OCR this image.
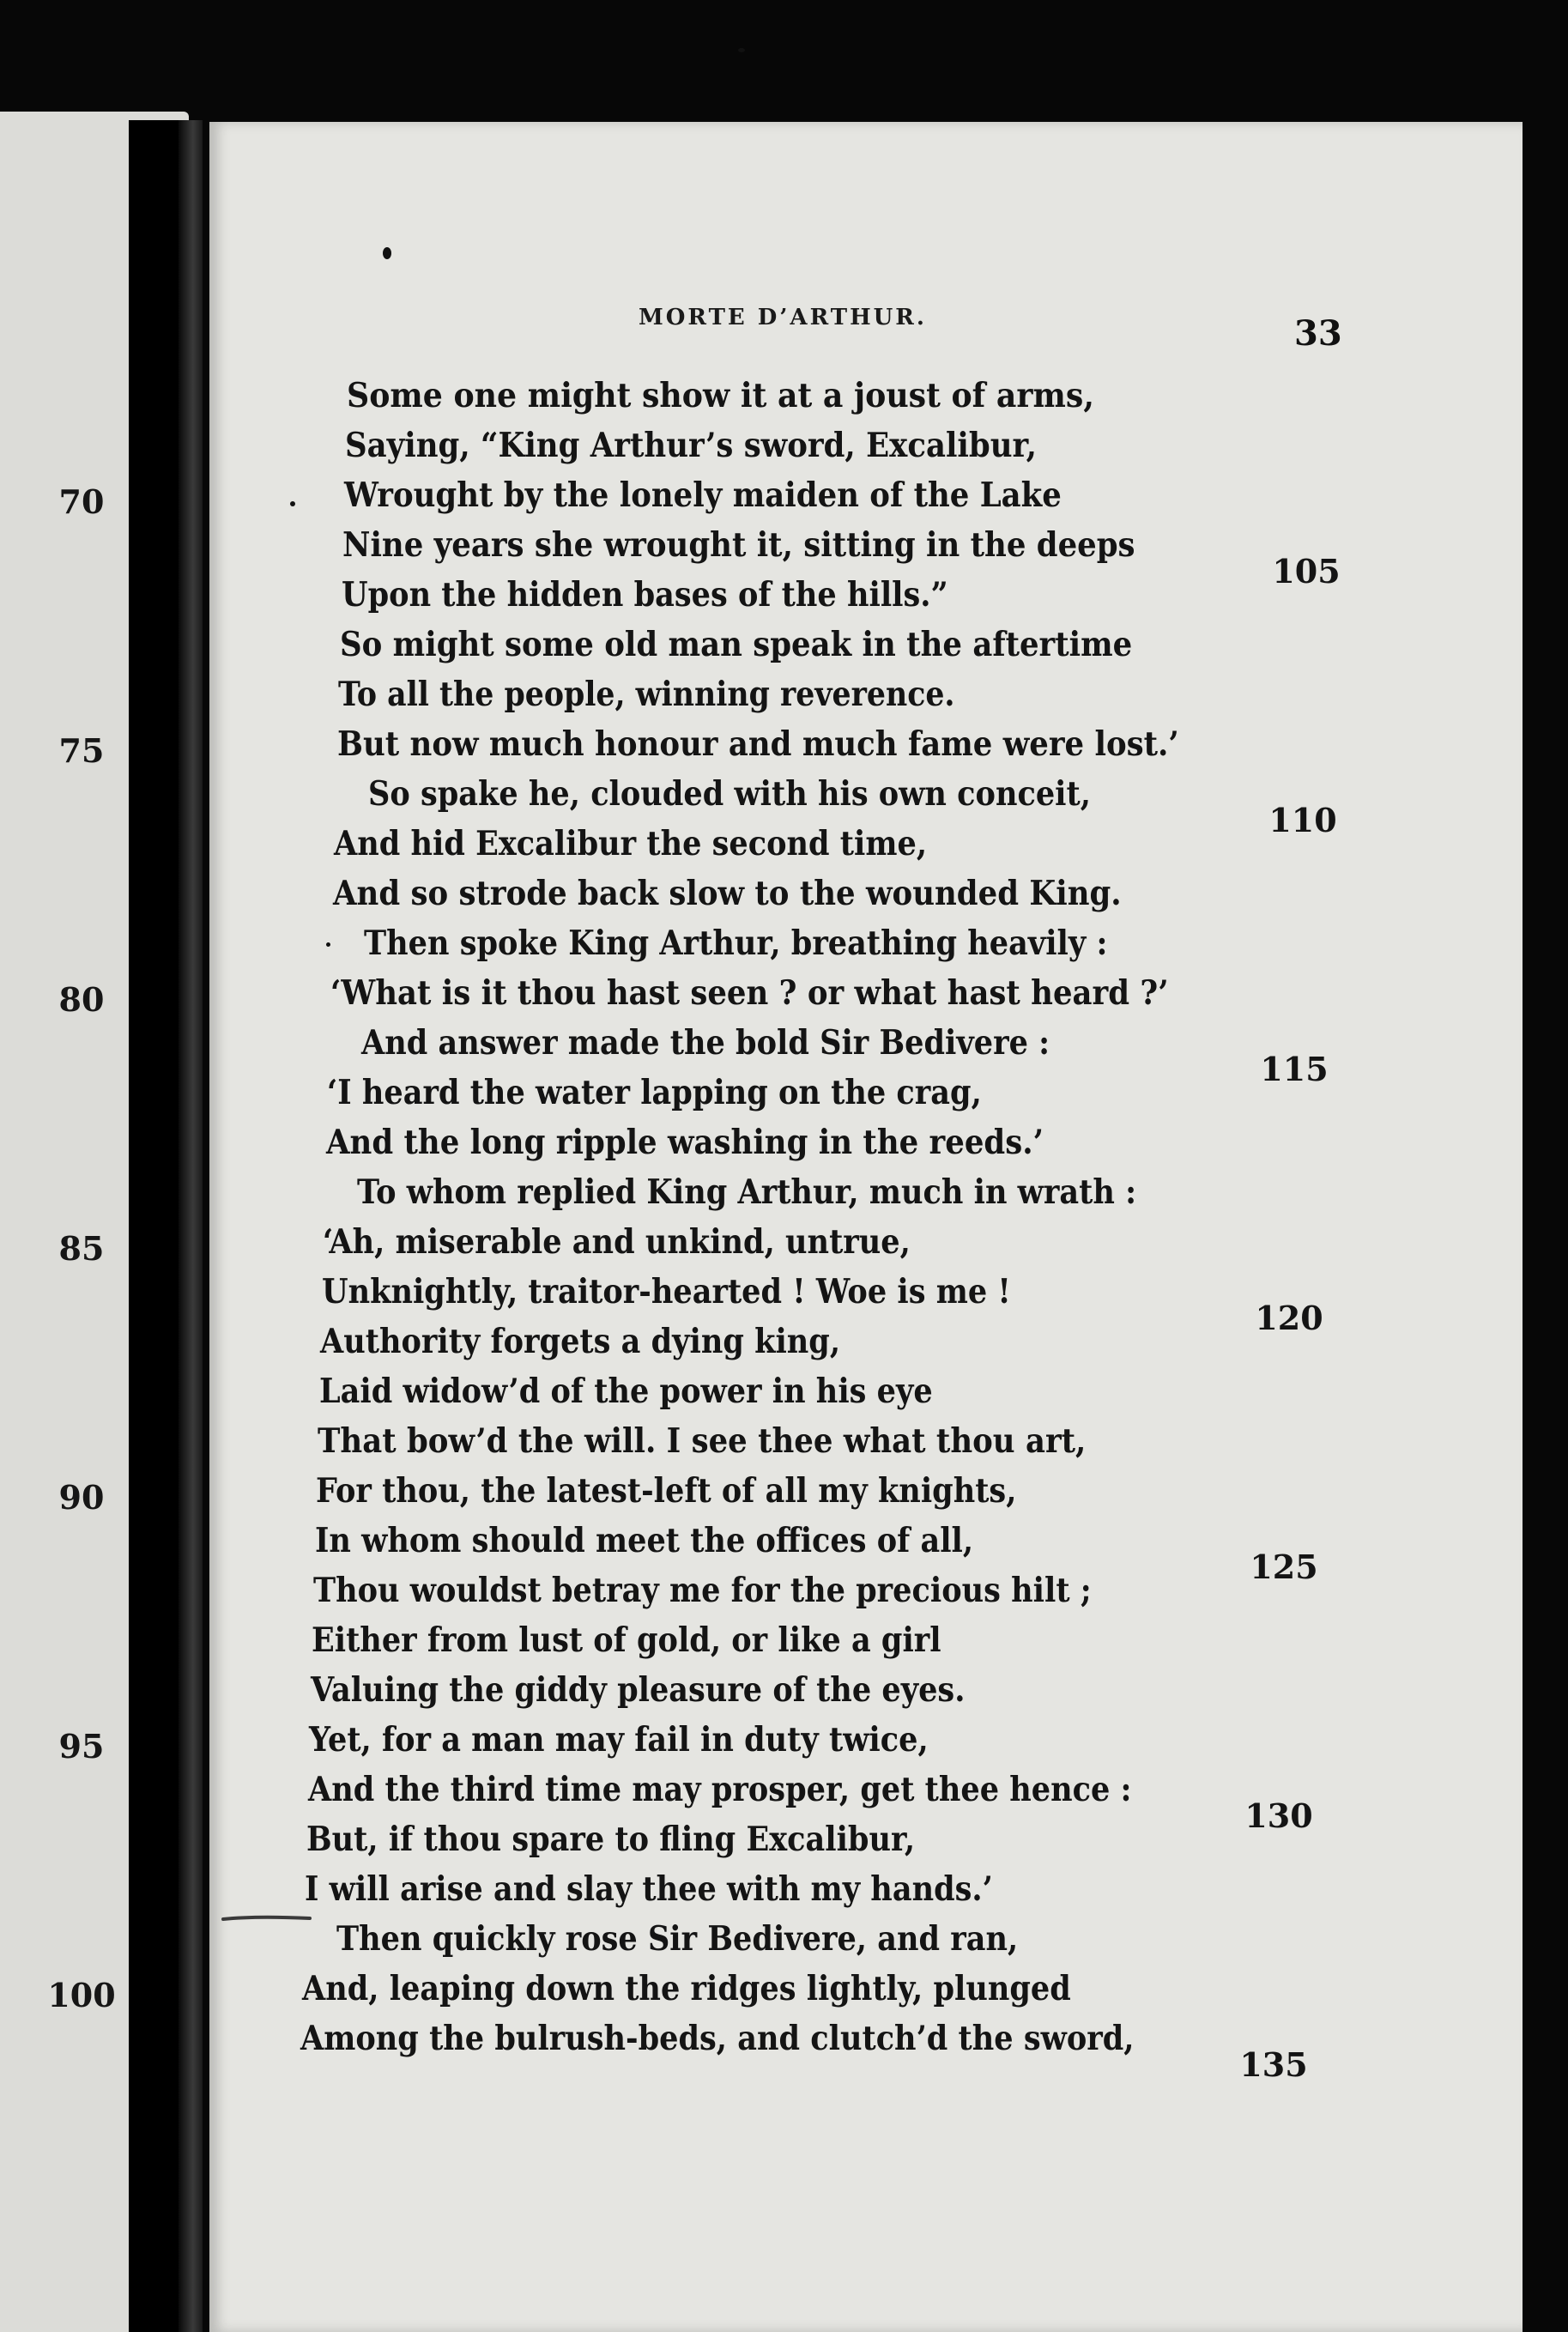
70
75
80
85
90
95
100
MORTE D’ARTHUR.	33
Some one might show it at a joust of arms,
Saying, “King Arthur’s sword, Excalibur,
Wrought by the lonely maiden of the Lake
Nine years she wrought it, sitting in the deeps
Upon the hidden bases of the hills.”
So might some old man speak in the aftertime
To all the people, winning reverence.
But now much honour and much fame were lost.’
So spake he, clouded with his own conceit,
And hid Excalibur the second time,
And so strode back slow to the wounded King.
Then spoke King Arthur, breathing heavily :
‘What is it thou hast seen ? or what hast heard ?’
And answer made the bold Sir Bedivere :
‘I heard the water lapping on the crag,
And the long ripple washing in the reeds.’
To whom replied King Arthur, much in wrath :
‘Ah, miserable and unkind, untrue,
Unknightly, traitor-hearted ! Woe is me !
Authority forgets a dying king,
Laid widow’d of the power in his eye
That bow’d the will. I see thee what thou art,
For thou, the latest-left of all my knights,
In whom should meet the offices of all,
Thou wouldst betray me for the precious hilt ;
Either from lust of gold, or like a girl
Valuing the giddy pleasure of the eyes.
Yet, for a man may fail in duty twice,
And the third time may prosper, get thee hence :
But, if thou spare to fling Excalibur,
I will arise and slay thee with my hands.’
Then quickly rose Sir Bedivere, and ran,
And, leaping down the ridges lightly, plunged
Among the bulrush-beds, and clutch’d the sword,
105
110
115
120
125
130
135
